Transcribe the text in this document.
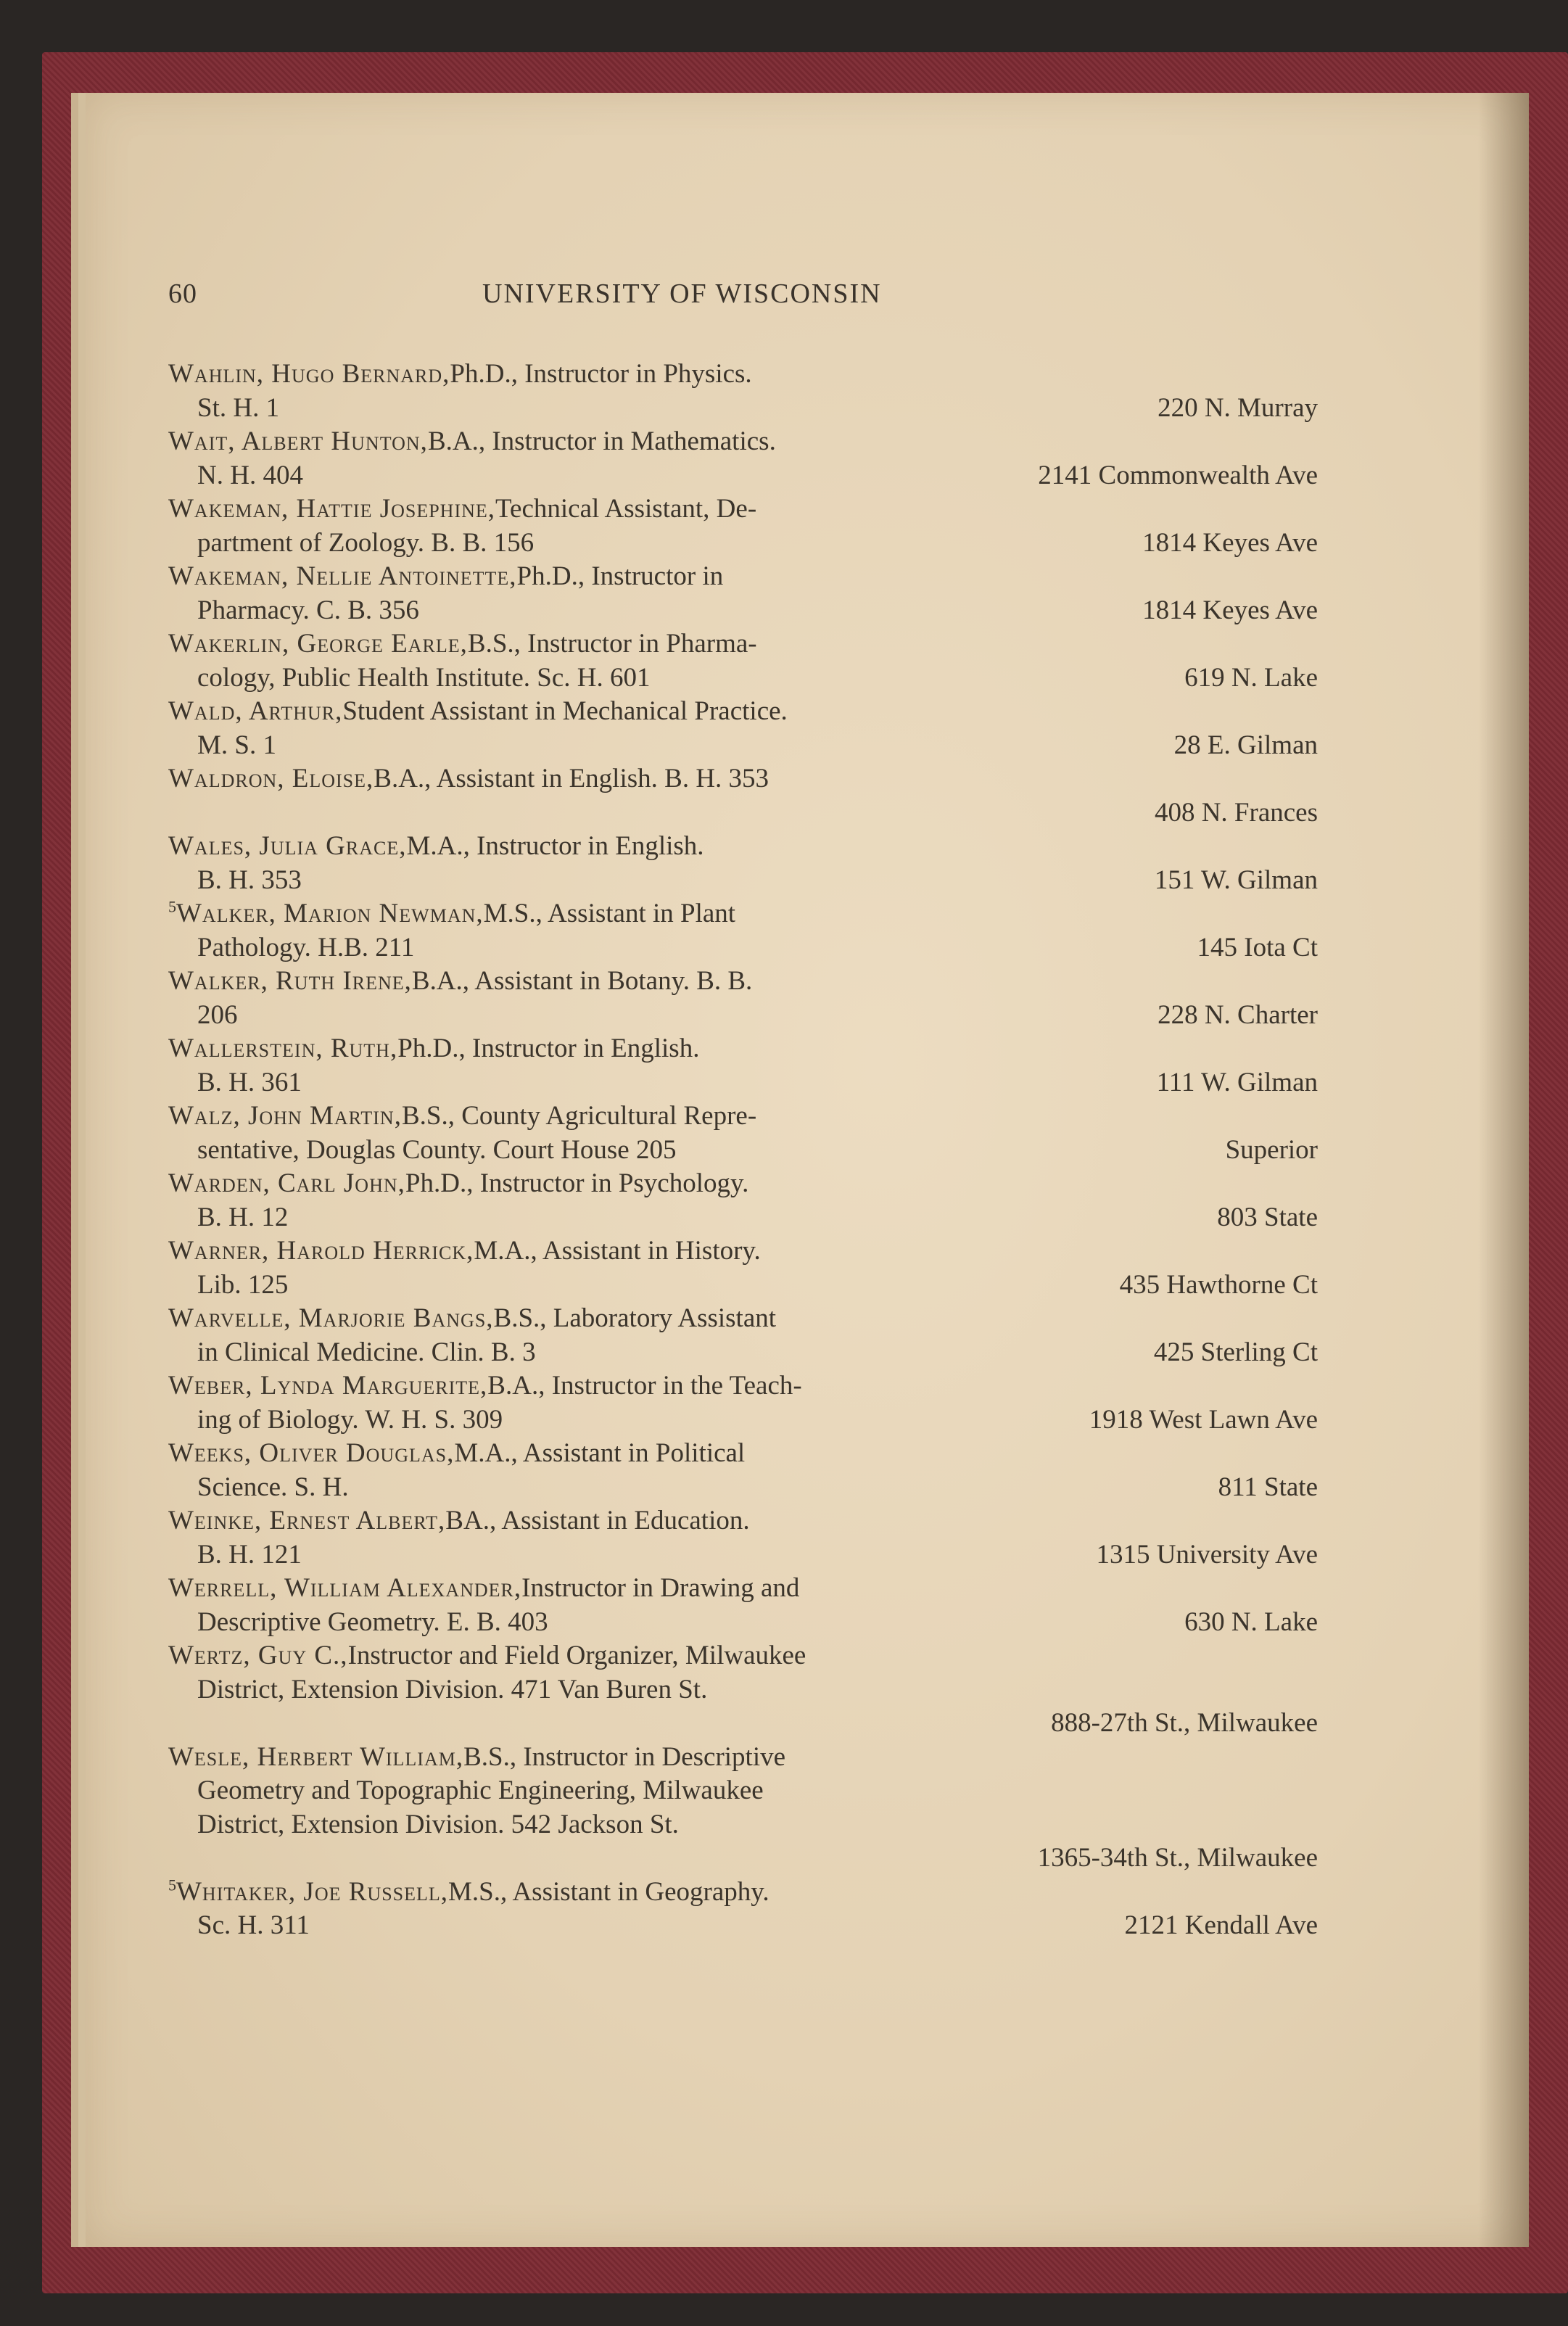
60	UNIVERSITY OF WISCONSIN
Wahlin, Hugo Bernard,Ph.D., Instructor in Physics.
St. H. 1	220 N. Murray
Wait, Albert Hunton,B.A., Instructor in Mathematics.
N. H. 404	2141 Commonwealth Ave
Wakeman, Hattie Josephine,Technical Assistant, De-
partment of Zoology. B. B. 156	1814 Keyes Ave
Wakeman, Nellie Antoinette,Ph.D., Instructor in
Pharmacy. C. B. 356	1814 Keyes Ave
Wakerlin, George Earle,B.S., Instructor in Pharma-
cology, Public Health Institute. Sc. H. 601	619 N. Lake
Wald, Arthur,Student Assistant in Mechanical Practice.
M. S. 1	28 E. Gilman
Waldron, Eloise,B.A., Assistant in English. B. H. 353
408 N. Frances
Wales, Julia Grace,M.A., Instructor in English.
B. H. 353	151 W. Gilman
$^5$Walker, Marion Newman,M.S., Assistant in Plant
Pathology. H.B. 211	145 Iota Ct
Walker, Ruth Irene,B.A., Assistant in Botany. B. B.
206	228 N. Charter
Wallerstein, Ruth,Ph.D., Instructor in English.
B. H. 361	111 W. Gilman
Walz, John Martin,B.S., County Agricultural Repre-
sentative, Douglas County. Court House 205	Superior
Warden, Carl John,Ph.D., Instructor in Psychology.
B. H. 12	803 State
Warner, Harold Herrick,M.A., Assistant in History.
Lib. 125	435 Hawthorne Ct
Warvelle, Marjorie Bangs,B.S., Laboratory Assistant
in Clinical Medicine. Clin. B. 3	425 Sterling Ct
Weber, Lynda Marguerite,B.A., Instructor in the Teach-
ing of Biology. W. H. S. 309	1918 West Lawn Ave
Weeks, Oliver Douglas,M.A., Assistant in Political
Science. S. H.	811 State
Weinke, Ernest Albert,BA., Assistant in Education.
B. H. 121	1315 University Ave
Werrell, William Alexander,Instructor in Drawing and
Descriptive Geometry. E. B. 403	630 N. Lake
Wertz, Guy C.,Instructor and Field Organizer, Milwaukee
District, Extension Division. 471 Van Buren St.
888-27th St., Milwaukee
Wesle, Herbert William,B.S., Instructor in Descriptive
Geometry and Topographic Engineering, Milwaukee
District, Extension Division. 542 Jackson St.
1365-34th St., Milwaukee
$^5$Whitaker, Joe Russell,M.S., Assistant in Geography.
Sc. H. 311	2121 Kendall Ave
